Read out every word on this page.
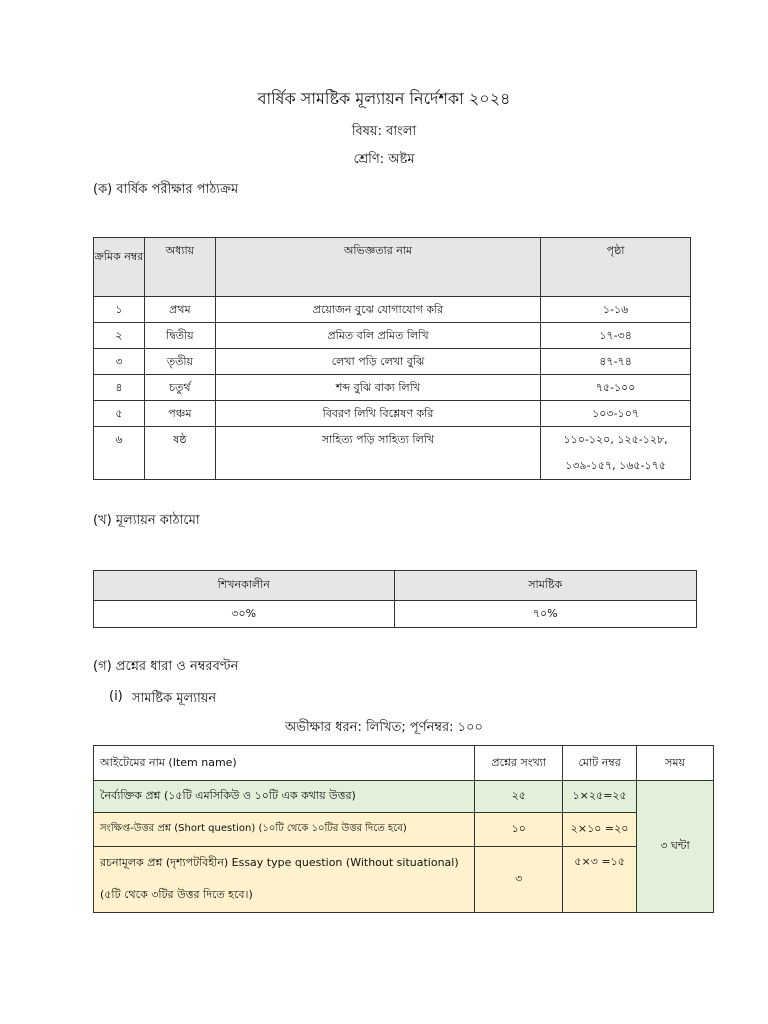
বার্ষিক সামষ্টিক মূল্যায়ন নির্দেশকা ২০২৪
বিষয়: বাংলা
শ্রেণি: অষ্টম
(ক) বার্ষিক পরীক্ষার পাঠ্যক্রম
ক্রমিক নম্বর	অধ্যায়	অভিজ্ঞতার নাম	পৃষ্ঠা
১	প্রথম	প্রয়োজন বুঝে যোগাযোগ করি	১-১৬
২	দ্বিতীয়	প্রমিত বলি প্রমিত লিখি	১৭-৩৪
৩	তৃতীয়	লেখা পড়ি লেখা বুঝি	৪৭-৭৪
৪	চতুর্থ	শব্দ বুঝি বাক্য লিখি	৭৫-১০০
৫	পঞ্চম	বিবরণ লিখি বিশ্লেষণ করি	১০৩-১০৭
৬	ষষ্ঠ	সাহিত্য পড়ি সাহিত্য লিখি	১১০-১২০, ১২৫-১২৮, ১৩৯-১৫৭, ১৬৫-১৭৫
(খ) মূল্যায়ন কাঠামো
শিখনকালীন	সামষ্টিক
৩০%	৭০%
(গ) প্রশ্নের ধারা ও নম্বরবণ্টন
(i) সামষ্টিক মূল্যায়ন
অভীক্ষার ধরন: লিখিত; পূর্ণনম্বর: ১০০
আইটেমের নাম (Item name)	প্রশ্নের সংখ্যা	মোট নম্বর	সময়
নৈর্ব্যক্তিক প্রশ্ন (১৫টি এমসিকিউ ও ১০টি এক কথায় উত্তর)	২৫	১×২৫=২৫	৩ ঘন্টা
সংক্ষিপ্ত-উত্তর প্রশ্ন (Short question) (১০টি থেকে ১০টির উত্তর দিতে হবে)	১০	২×১০ =২০	
রচনামূলক প্রশ্ন (দৃশ্যপটবিহীন) Essay type question (Without situational) (৫টি থেকে ৩টির উত্তর দিতে হবে।)	৩	৫×৩ =১৫	
